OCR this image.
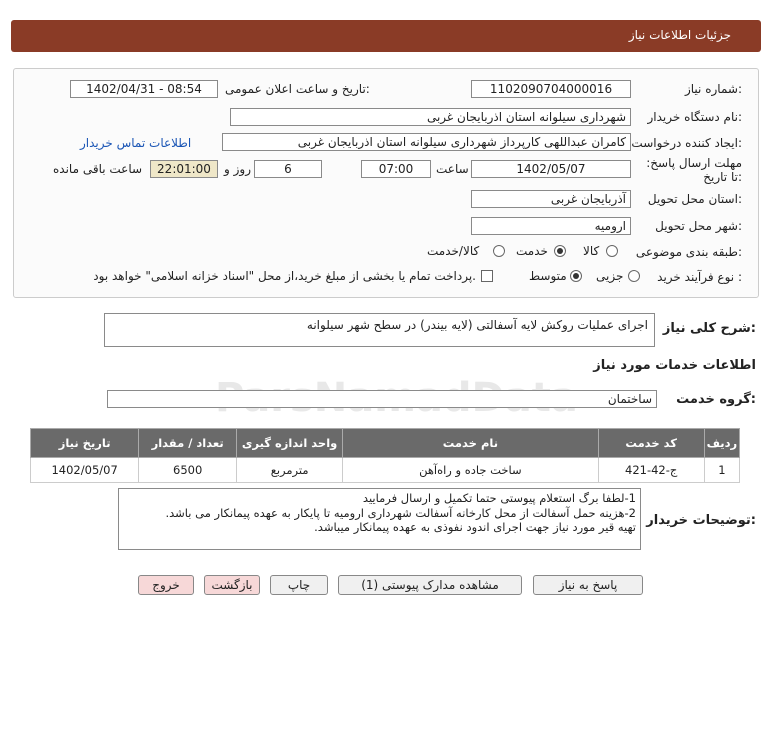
جزئیات اطلاعات نیاز
شماره نیاز:
1102090704000016
تاریخ و ساعت اعلان عمومی:
1402/04/31 - 08:54
نام دستگاه خریدار:
شهرداری سیلوانه استان اذربایجان غربی
ایجاد کننده درخواست:
کامران عبداللهی کارپرداز شهرداری سیلوانه استان اذربایجان غربی
اطلاعات تماس خریدار
مهلت ارسال پاسخ: تا تاریخ:
1402/05/07
ساعت
07:00
6
روز و
22:01:00
ساعت باقی مانده
استان محل تحویل:
آذربایجان غربی
شهر محل تحویل:
ارومیه
طبقه بندی موضوعی:
کالا
خدمت
کالا/خدمت
نوع فرآیند خرید :
جزیی
متوسط
پرداخت تمام یا بخشی از مبلغ خرید،از محل "اسناد خزانه اسلامی" خواهد بود.
شرح کلی نیاز:
اجرای عملیات روکش لایه آسفالتی (لایه بیندر) در سطح شهر سیلوانه
اطلاعات خدمات مورد نیاز
گروه خدمت:
ساختمان
ردیف	کد خدمت	نام خدمت	واحد اندازه گیری	تعداد / مقدار	تاریخ نیاز
1	ج-42-421	ساخت جاده و راه‌آهن	مترمربع	6500	1402/05/07
توضیحات خریدار:
1-لطفا برگ استعلام پیوستی حتما تکمیل و ارسال فرمایید
2-هزینه حمل آسفالت از محل کارخانه آسفالت شهرداری ارومیه تا پایکار به عهده پیمانکار می باشد.
تهیه قیر مورد نیاز جهت اجرای اندود نفوذی به عهده پیمانکار میباشد.
پاسخ به نیاز
مشاهده مدارک پیوستی (1)
چاپ
بازگشت
خروج
